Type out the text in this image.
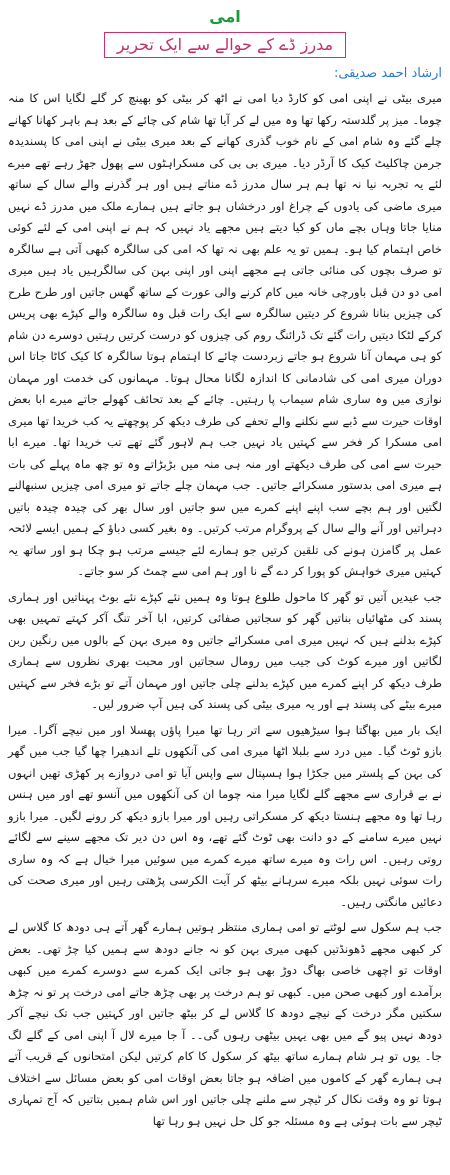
امی
مدرز ڈے کے حوالے سے ایک تحریر
ارشاد احمد صدیقی:

میری بیٹی نے اپنی امی کو کارڈ دیا امی نے اٹھ کر بیٹی کو بھینچ کر گلے لگایا اس کا منہ چوما۔ میز پر گلدستہ رکھا تھا وہ میں لے کر آیا تھا شام کی چائے کے بعد ہم باہر کھانا کھانے چلے گئے وہ شام امی کے نام خوب گذری کھانے کے بعد میری بیٹی نے اپنی امی کا پسندیدہ جرمن چاکلیٹ کیک کا آرڈر دیا۔ میری بی بی کی مسکراہٹوں سے پھول جھڑ رہے تھے میرے لئے یہ تجربہ نیا نہ تھا ہم ہر سال مدرز ڈے مناتے ہیں اور ہر گذرنے والے سال کے ساتھ میری ماضی کی یادوں کے چراغ اور درخشاں ہو جاتے ہیں ہمارے ملک میں مدرز ڈے نہیں منایا جاتا وہاں بچے ماں کو کیا دیتے ہیں مجھے یاد نہیں کہ ہم نے اپنی امی کے لئے کوئی خاص اہتمام کیا ہو۔ ہمیں تو یہ علم بھی نہ تھا کہ امی کی سالگرہ کبھی آتی ہے سالگرہ تو صرف بچوں کی منائی جاتی ہے مجھے اپنی اور اپنی بہن کی سالگرہیں یاد ہیں میری امی دو دن قبل باورچی خانہ میں کام کرنے والی عورت کے ساتھ گھس جاتیں اور طرح طرح کی چیزیں بنانا شروع کر دیتیں سالگرہ سے ایک رات قبل وہ سالگرہ والے کپڑے بھی پریس کرکے لٹکا دیتیں رات گئے تک ڈرائنگ روم کی چیزوں کو درست کرتیں رہتیں دوسرے دن شام کو ہی مہمان آنا شروع ہو جاتے زبردست چائے کا اہتمام ہوتا سالگرہ کا کیک کاٹا جاتا اس دوران میری امی کی شادمانی کا اندازہ لگانا محال ہوتا۔ مہمانوں کی خدمت اور مہمان نوازی میں وہ ساری شام سیماب پا رہتیں۔ چائے کے بعد تحائف کھولے جاتے میرے ابا بعض اوقات حیرت سے ڈبے سے نکلنے والے تحفے کی طرف دیکھ کر پوچھتے یہ کب خریدا تھا میری امی مسکرا کر فخر سے کہتیں یاد نہیں جب ہم لاہور گئے تھے تب خریدا تھا۔ میرے ابا حیرت سے امی کی طرف دیکھتے اور منہ ہی منہ میں بڑبڑاتے وہ تو چھ ماہ پہلے کی بات ہے میری امی بدستور مسکرائے جاتیں۔ جب مہمان چلے جاتے تو میری امی چیزیں سنبھالنے لگتیں اور ہم بچے سب اپنے اپنے کمرے میں سو جاتیں اور سال بھر کی چیدہ چیدہ باتیں دہراتیں اور آنے والے سال کے پروگرام مرتب کرتیں۔ وہ بغیر کسی دباؤ کے ہمیں ایسے لائحہ عمل پر گامزن ہونے کی تلقین کرتیں جو ہمارے لئے جیسے مرتب ہو چکا ہو اور ساتھ یہ کہتیں میری خواہش کو پورا کر دے گے نا اور ہم امی سے چمٹ کر سو جاتے۔

جب عیدیں آتیں تو گھر کا ماحول طلوع ہوتا وہ ہمیں نئے کپڑے نئے بوٹ پہناتیں اور ہماری پسند کی مٹھائیاں بناتیں گھر کو سجاتیں صفائی کرتیں، ابا آخر تنگ آکر کہتے تمہیں بھی کپڑے بدلنے ہیں کہ نہیں میری امی مسکرائے جاتیں وہ میری بہن کے بالوں میں رنگین ربن لگاتیں اور میرے کوٹ کی جیب میں رومال سجاتیں اور محبت بھری نظروں سے ہماری طرف دیکھ کر اپنے کمرے میں کپڑے بدلنے چلی جاتیں اور مہمان آتے تو بڑے فخر سے کہتیں میرے بیٹے کی پسند ہے اور یہ میری بیٹی کی پسند کی ہیں آپ ضرور لیں۔

ایک بار میں بھاگتا ہوا سیڑھیوں سے اتر رہا تھا میرا پاؤں پھسلا اور میں نیچے آگرا۔ میرا بازو ٹوٹ گیا۔ میں درد سے بلبلا اٹھا میری امی کی آنکھوں تلے اندھیرا چھا گیا جب میں گھر کی بہن کے پلستر میں جکڑا ہوا ہسپتال سے واپس آیا تو امی دروازے پر کھڑی تھیں انہوں نے بے قراری سے مجھے گلے لگایا میرا منہ چوما ان کی آنکھوں میں آنسو تھے اور میں ہنس رہا تھا وہ مجھے ہنستا دیکھ کر مسکراتی رہیں اور میرا بازو دیکھ کر رونے لگیں۔ میرا بازو نہیں میرے سامنے کے دو دانت بھی ٹوٹ گئے تھے، وہ اس دن دیر تک مجھے سینے سے لگائے روتی رہیں۔ اس رات وہ میرے ساتھ میرے کمرے میں سوئیں میرا خیال ہے کہ وہ ساری رات سوئی نہیں بلکہ میرے سرہانے بیٹھ کر آیت الکرسی پڑھتی رہیں اور میری صحت کی دعائیں مانگتی رہیں۔

جب ہم سکول سے لوٹتے تو امی ہماری منتظر ہوتیں ہمارے گھر آتے ہی دودھ کا گلاس لے کر کبھی مجھے ڈھونڈتیں کبھی میری بہن کو نہ جانے دودھ سے ہمیں کیا چڑ تھی۔ بعض اوقات تو اچھی خاصی بھاگ دوڑ بھی ہو جاتی ایک کمرے سے دوسرے کمرے میں کبھی برآمدے اور کبھی صحن میں۔ کبھی تو ہم درخت پر بھی چڑھ جاتے امی درخت پر تو نہ چڑھ سکتیں مگر درخت کے نیچے دودھ کا گلاس لے کر بیٹھ جاتیں اور کہتیں جب تک نیچے آکر دودھ نہیں پیو گے میں بھی یہیں بیٹھی رہوں گی۔۔ آ جا میرے لال آ اپنی امی کے گلے لگ جا۔ یوں تو ہر شام ہمارے ساتھ بیٹھ کر سکول کا کام کرتیں لیکن امتحانوں کے قریب آتے ہی ہمارے گھر کے کاموں میں اضافہ ہو جاتا بعض اوقات امی کو بعض مسائل سے اختلاف ہوتا تو وہ وقت نکال کر ٹیچر سے ملنے چلی جاتیں اور اس شام ہمیں بتاتیں کہ آج تمہاری ٹیچر سے بات ہوئی ہے وہ مسئلہ جو کل حل نہیں ہو رہا تھا
